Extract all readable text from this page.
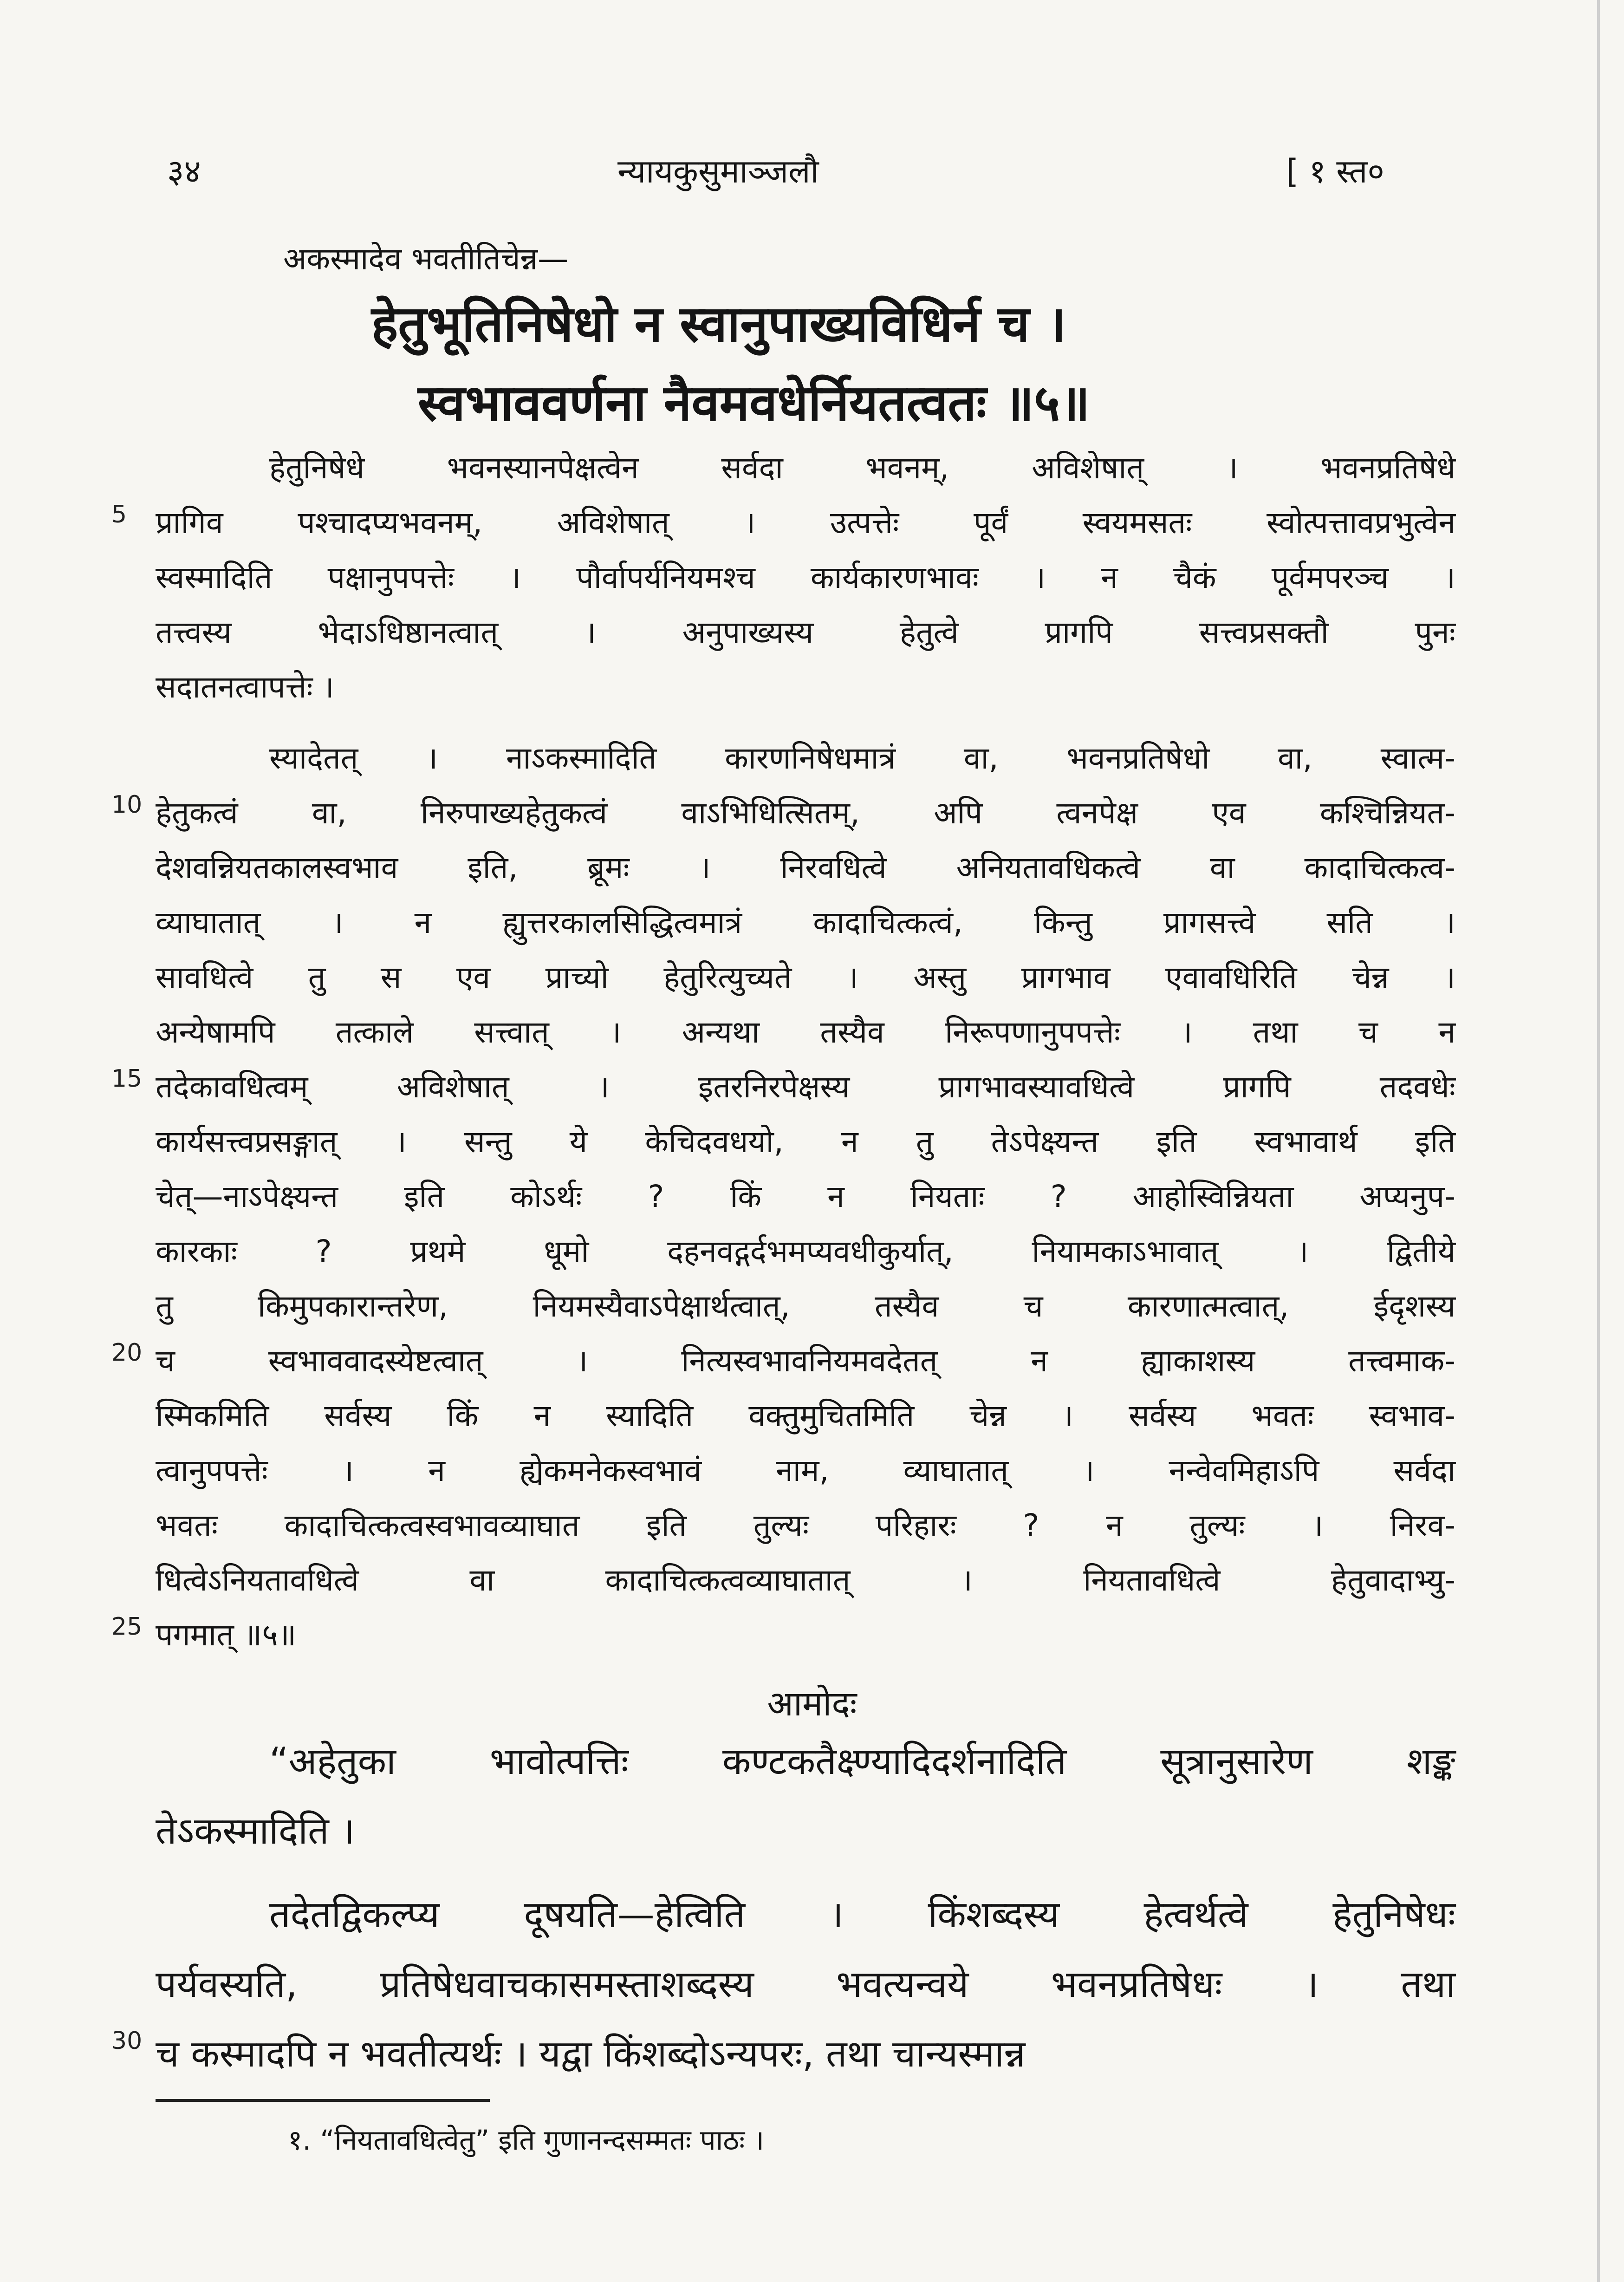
३४	न्यायकुसुमाञ्जलौ	[ १ स्त०
अकस्मादेव भवतीतिचेन्न—
हेतुभूतिनिषेधो न स्वानुपाख्यविधिर्न च ।
स्वभाववर्णना नैवमवधेर्नियतत्वतः ॥५॥
हेतुनिषेधे भवनस्यानपेक्षत्वेन सर्वदा भवनम्, अविशेषात् । भवनप्रतिषेधे
प्रागिव पश्चादप्यभवनम्, अविशेषात् । उत्पत्तेः पूर्वं स्वयमसतः स्वोत्पत्तावप्रभुत्वेन
5
स्वस्मादिति पक्षानुपपत्तेः । पौर्वापर्यनियमश्च कार्यकारणभावः । न चैकं पूर्वमपरञ्च ।
तत्त्वस्य भेदाऽधिष्ठानत्वात् । अनुपाख्यस्य हेतुत्वे प्रागपि सत्त्वप्रसक्तौ पुनः
सदातनत्वापत्तेः ।
स्यादेतत् । नाऽकस्मादिति कारणनिषेधमात्रं वा, भवनप्रतिषेधो वा, स्वात्म-
हेतुकत्वं वा, निरुपाख्यहेतुकत्वं वाऽभिधित्सितम्, अपि त्वनपेक्ष एव कश्चिन्नियत-
10
देशवन्नियतकालस्वभाव इति, ब्रूमः । निरवधित्वे अनियतावधिकत्वे वा कादाचित्कत्व-
व्याघातात् । न ह्युत्तरकालसिद्धित्वमात्रं कादाचित्कत्वं, किन्तु प्रागसत्त्वे सति ।
सावधित्वे तु स एव प्राच्यो हेतुरित्युच्यते । अस्तु प्रागभाव एवावधिरिति चेन्न ।
अन्येषामपि तत्काले सत्त्वात् । अन्यथा तस्यैव निरूपणानुपपत्तेः । तथा च न
तदेकावधित्वम् अविशेषात् । इतरनिरपेक्षस्य प्रागभावस्यावधित्वे प्रागपि तदवधेः
15
कार्यसत्त्वप्रसङ्गात् । सन्तु ये केचिदवधयो, न तु तेऽपेक्ष्यन्त इति स्वभावार्थ इति
चेत्—नाऽपेक्ष्यन्त इति कोऽर्थः ? किं न नियताः ? आहोस्विन्नियता अप्यनुप-
कारकाः ? प्रथमे धूमो दहनवद्गर्दभमप्यवधीकुर्यात्, नियामकाऽभावात् । द्वितीये
तु किमुपकारान्तरेण, नियमस्यैवाऽपेक्षार्थत्वात्, तस्यैव च कारणात्मत्वात्, ईदृशस्य
च स्वभाववादस्येष्टत्वात् । नित्यस्वभावनियमवदेतत् न ह्याकाशस्य तत्त्वमाक-
20
स्मिकमिति सर्वस्य किं न स्यादिति वक्तुमुचितमिति चेन्न । सर्वस्य भवतः स्वभाव-
त्वानुपपत्तेः । न ह्येकमनेकस्वभावं नाम, व्याघातात् । नन्वेवमिहाऽपि सर्वदा
भवतः कादाचित्कत्वस्वभावव्याघात इति तुल्यः परिहारः ? न तुल्यः । निरव-
धित्वेऽनियतावधित्वे वा कादाचित्कत्वव्याघातात् । नियतावधित्वे हेतुवादाभ्यु-
पगमात् ॥५॥
25
आमोदः
“अहेतुका भावोत्पत्तिः कण्टकतैक्ष्ण्यादिदर्शनादिति सूत्रानुसारेण शङ्क
तेऽकस्मादिति ।
तदेतद्विकल्प्य दूषयति—हेत्विति । किंशब्दस्य हेत्वर्थत्वे हेतुनिषेधः
पर्यवस्यति, प्रतिषेधवाचकासमस्ताशब्दस्य भवत्यन्वये भवनप्रतिषेधः । तथा
च कस्मादपि न भवतीत्यर्थः । यद्वा किंशब्दोऽन्यपरः, तथा चान्यस्मान्न
30
१. “नियतावधित्वेतु” इति गुणानन्दसम्मतः पाठः ।
